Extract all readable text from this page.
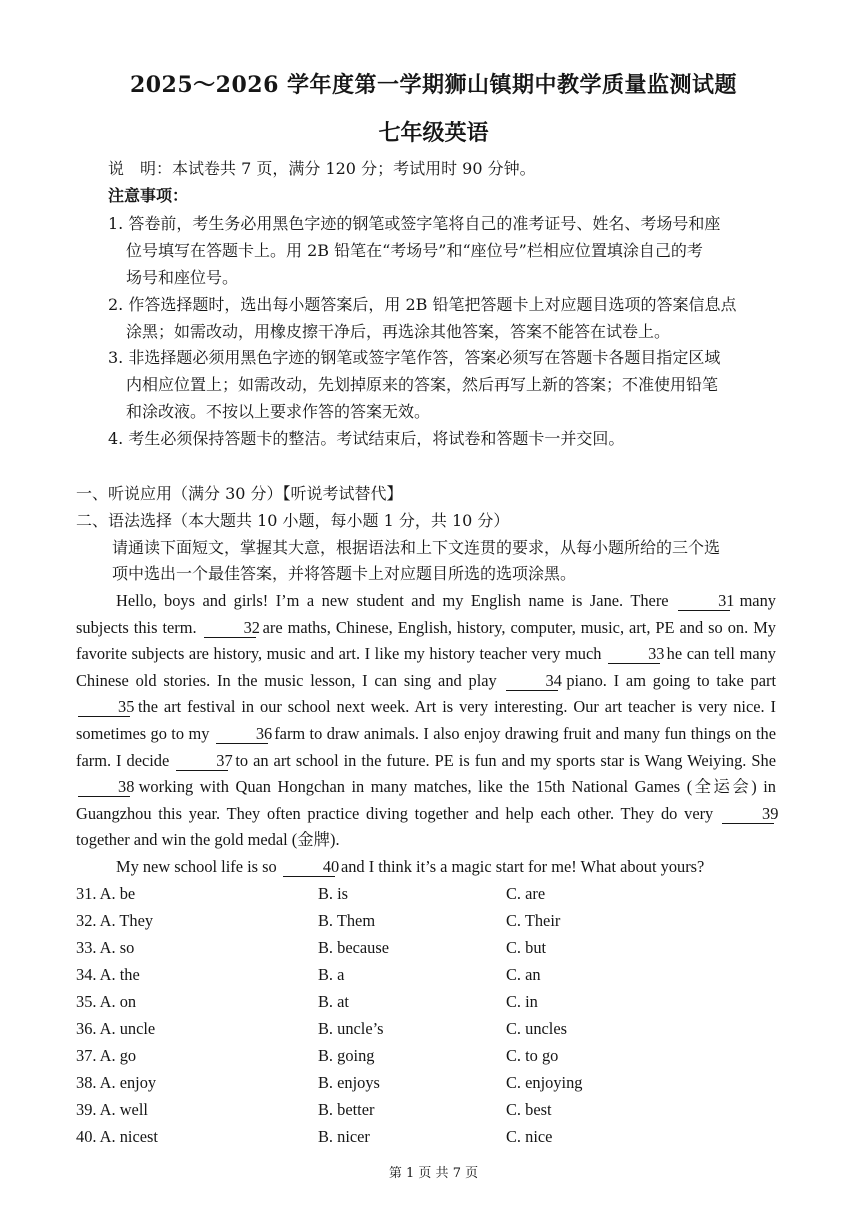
2025～2026 学年度第一学期狮山镇期中教学质量监测试题
七年级英语
说　明：本试卷共 7 页，满分 120 分；考试用时 90 分钟。
注意事项：
1. 答卷前，考生务必用黑色字迹的钢笔或签字笔将自己的准考证号、姓名、考场号和座
位号填写在答题卡上。用 2B 铅笔在“考场号”和“座位号”栏相应位置填涂自己的考
场号和座位号。
2. 作答选择题时，选出每小题答案后，用 2B 铅笔把答题卡上对应题目选项的答案信息点
涂黑；如需改动，用橡皮擦干净后，再选涂其他答案，答案不能答在试卷上。
3. 非选择题必须用黑色字迹的钢笔或签字笔作答，答案必须写在答题卡各题目指定区域
内相应位置上；如需改动，先划掉原来的答案，然后再写上新的答案；不准使用铅笔
和涂改液。不按以上要求作答的答案无效。
4. 考生必须保持答题卡的整洁。考试结束后，将试卷和答题卡一并交回。
一、听说应用（满分 30 分）【听说考试替代】
二、语法选择（本大题共 10 小题，每小题 1 分，共 10 分）
请通读下面短文，掌握其大意，根据语法和上下文连贯的要求，从每小题所给的三个选
项中选出一个最佳答案，并将答题卡上对应题目所选的选项涂黑。

Hello, boys and girls! I’m a new student and my English name is Jane. There	31 many subjects this term.	32 are maths, Chinese, English, history, computer, music, art, PE and so on. My favorite subjects are history, music and art. I like my history teacher very much	33 he can tell many Chinese old stories. In the music lesson, I can sing and play	34 piano. I am going to take part 35 the art festival in our school next week. Art is very interesting. Our art teacher is very nice. I sometimes go to my	36 farm to draw animals. I also enjoy drawing fruit and many fun things on the farm. I decide	37 to an art school in the future. PE is fun and my sports star is Wang Weiying. She 38 working with Quan Hongchan in many matches, like the 15th National Games (全运会) in Guangzhou this year. They often practice diving together and help each other. They do very	39 together and win the gold medal (金牌).

My new school life is so	40 and I think it’s a magic start for me! What about yours?

31. A. be	B. is	C. are
32. A. They	B. Them	C. Their
33. A. so	B. because	C. but
34. A. the	B. a	C. an
35. A. on	B. at	C. in
36. A. uncle	B. uncle’s	C. uncles
37. A. go	B. going	C. to go
38. A. enjoy	B. enjoys	C. enjoying
39. A. well	B. better	C. best
40. A. nicest	B. nicer	C. nice
第 1 页 共 7 页
